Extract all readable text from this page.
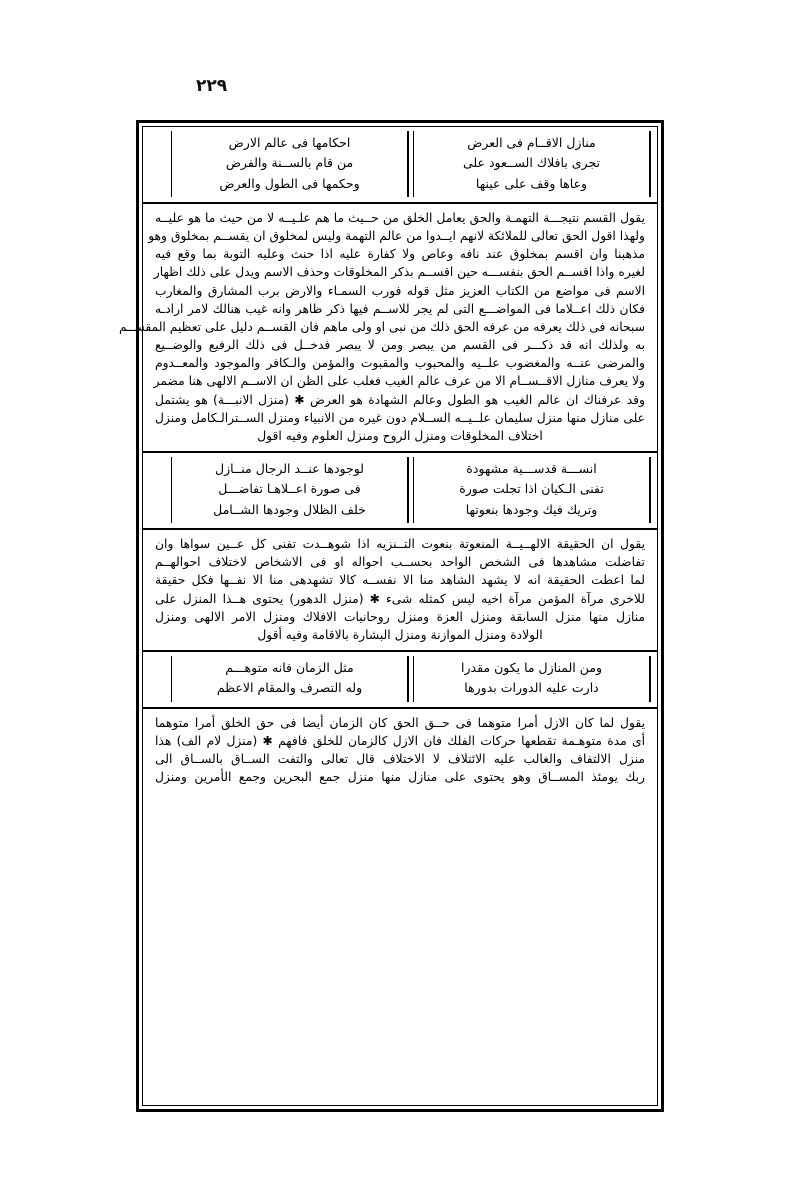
٢٢٩
منازل الاقــام فى العرض
تجرى بافلاك الســعود على
وعاها وقف على عينها
احكامها فى عالم الارض
من قام بالســنة والفرض
وحكمها فى الطول والعرض
يقول القسم نتيجـــة التهمـة والحق يعامل الخلق من حــيث ما هم علـيــه لا من حيث ما هو عليــه
ولهذا اقول الحق تعالى للملائكة لانهم ايــدوا من عالم التهمة وليس لمخلوق ان يقســم بمخلوق وهو
مذهبنا وان اقسم بمخلوق عند نافه وعاص ولا كفارة عليه اذا حنث وعليه التوبة بما وقع فيه
لغيره واذا اقســم الحق بنفســـه حين اقســم بذكر المخلوقات وحذف الاسم ويدل على ذلك اظهار
الاسم فى مواضع من الكتاب العزيز مثل قوله فورب السمـاء والارض برب المشارق والمغارب
فكان ذلك اعــلاما فى المواضـــع التى لم يجر للاســم فيها ذكر ظاهر وانه غيب هنالك لامر ارادـه
سبحانه فى ذلك يعرفه من عرفه الحق ذلك من نبى او ولى ماهم فان القســم دليل على تعظيم المقســم
به ولذلك انه قد ذكـــر فى القسم من يبصر ومن لا يبصر فدخــل فى ذلك الرفيع والوضــيع
والمرضى عنــه والمغضوب علــيه والمحبوب والمقبوت والمؤمن والـكافر والموجود والمعــدوم
ولا يعرف منازل الاقــســام الا من عرف عالم الغيب فغلب على الظن ان الاســم الالهى هنا مضمر
وقد عرفناك ان عالم الغيب هو الطول وعالم الشهادة هو العرض ✱ (منزل الانبـــة) هو يشتمل
على منازل منها منزل سليمان علــيــه الســلام دون غيره من الانبياء ومنزل الســترالـكامل ومنزل
اختلاف المخلوقات ومنزل الروح ومنزل العلوم وفيه اقول
انســـة قدســـية مشهودة
تفنى الـكيان اذا تجلت صورة
وتريك فيك وجودها بنعوتها
لوجودها عنــد الرجال منــازل
فى صورة اعــلاهـا تفاضـــل
خلف الظلال وجودها الشــامل
يقول ان الحقيقة الالهــيــة المنعوتة بنعوت التــنزيه اذا شوهــدت تفنى كل عــين سواها وان
تفاضلت مشاهدها فى الشخص الواحد بحســب احواله او فى الاشخاص لاختلاف احوالهــم
لما اعطت الحقيقة انه لا يشهد الشاهد منا الا نفســه كالا تشهدهى منا الا نفــها فكل حقيقة
للاخرى مرآة المؤمن مرآة اخيه ليس كمثله شىء ✱ (منزل الدهور) يحتوى هــذا المنزل على
منازل منها منزل السابقة ومنزل العزة ومنزل روحانيات الافلاك ومنزل الامر الالهى ومنزل
الولادة ومنزل الموازنة ومنزل البشارة بالاقامة وفيه أقول
ومن المنازل ما يكون مقدرا
دارت عليه الدورات بدورها
مثل الزمان فانه متوهـــم
وله التصرف والمقام الاعظم
يقول لما كان الازل أمرا متوهما فى حــق الحق كان الزمان أيضا فى حق الخلق أمرا متوهما
أى مدة متوهـمة تقطعها حركات الفلك فان الازل كالزمان للخلق فافهم ✱ (منزل لام الف) هذا
منزل الالتفاف والغالب عليه الائتلاف لا الاختلاف قال تعالى والتفت الســاق بالســاق الى
ربك يومئذ المســاق وهو يحتوى على منازل منها منزل جمع البحرين وجمع الأمرين ومنزل
